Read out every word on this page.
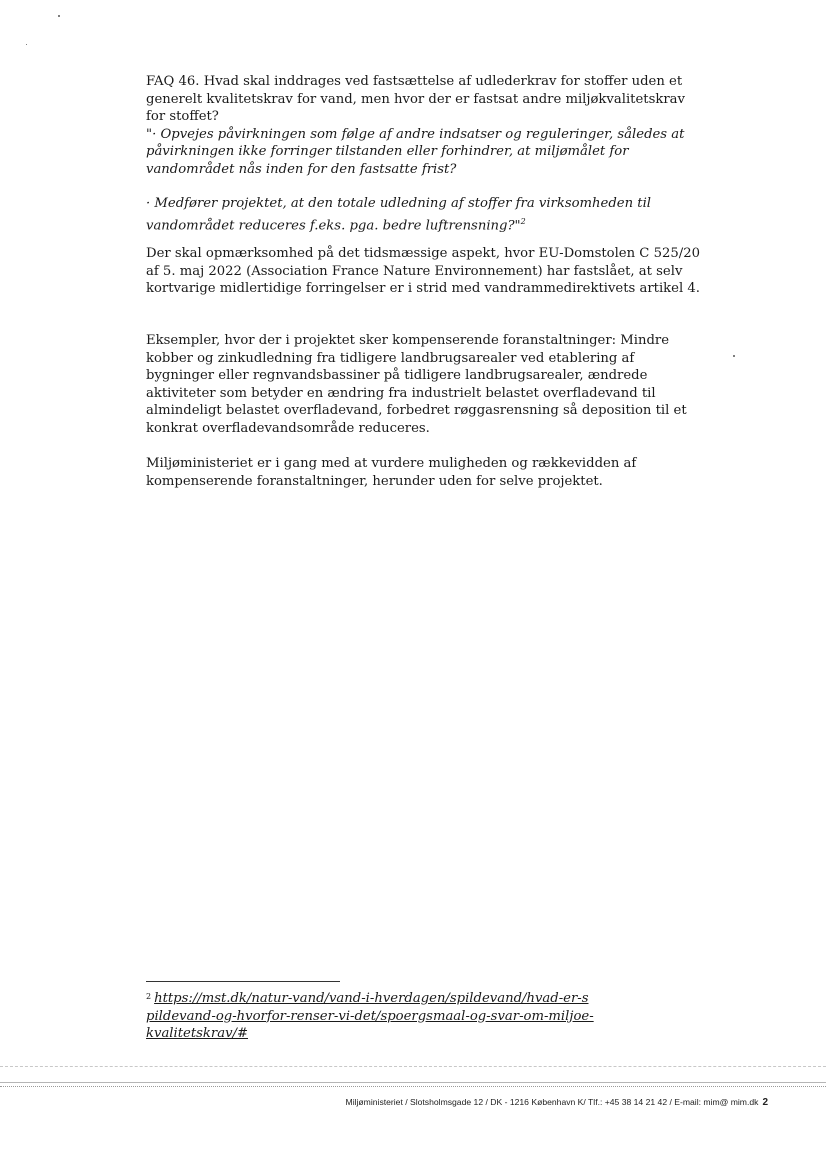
FAQ 46. Hvad skal inddrages ved fastsættelse af udlederkrav for stoffer uden et generelt kvalitetskrav for vand, men hvor der er fastsat andre miljøkvalitetskrav for stoffet?

"· Opvejes påvirkningen som følge af andre indsatser og reguleringer, således at påvirkningen ikke forringer tilstanden eller forhindrer, at miljømålet for vandområdet nås inden for den fastsatte frist?

· Medfører projektet, at den totale udledning af stoffer fra virksomheden til vandområdet reduceres f.eks. pga. bedre luftrensning?"$^2$

Der skal opmærksomhed på det tidsmæssige aspekt, hvor EU-Domstolen C 525/20 af 5. maj 2022 (Association France Nature Environnement) har fastslået, at selv kortvarige midlertidige forringelser er i strid med vandrammedirektivets artikel 4.

Eksempler, hvor der i projektet sker kompenserende foranstaltninger: Mindre kobber og zinkudledning fra tidligere landbrugsarealer ved etablering af bygninger eller regnvandsbassiner på tidligere landbrugsarealer, ændrede aktiviteter som betyder en ændring fra industrielt belastet overfladevand til almindeligt belastet overfladevand, forbedret røggasrensning så deposition til et konkrat overfladevandsområde reduceres.

Miljøministeriet er i gang med at vurdere muligheden og rækkevidden af kompenserende foranstaltninger, herunder uden for selve projektet.

$^2$ https://mst.dk/natur-vand/vand-i-hverdagen/spildevand/hvad-er-spildevand-og-hvorfor-renser-vi-det/spoergsmaal-og-svar-om-miljoe-kvalitetskrav/#
Miljøministeriet / Slotsholmsgade 12 / DK - 1216 København K/ Tlf.: +45 38 14 21 42 / E-mail: mim@ mim.dk 2
